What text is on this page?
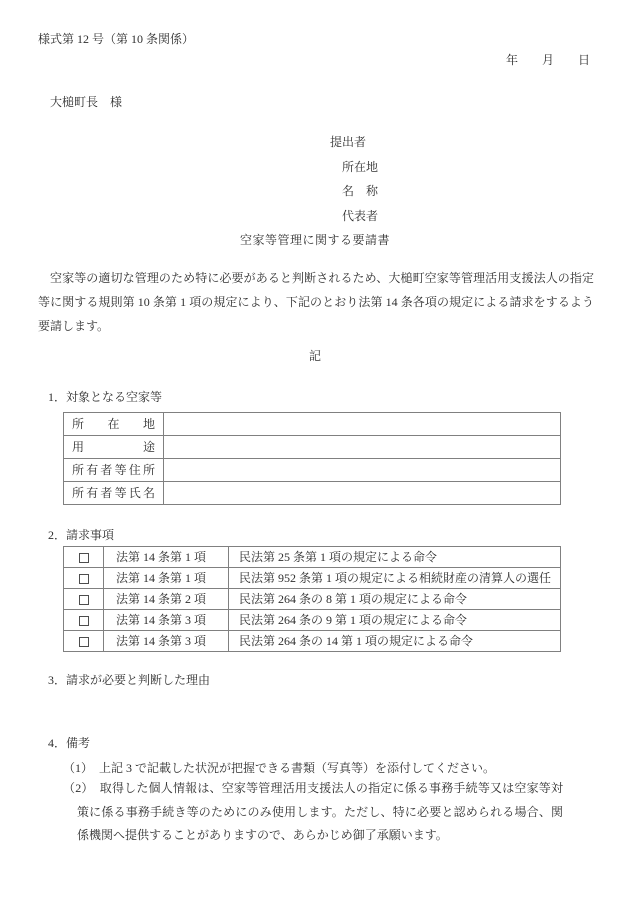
様式第 12 号（第 10 条関係）
年　　月　　日
大槌町長　様
提出者
所在地
名　称
代表者
空家等管理に関する要請書
空家等の適切な管理のため特に必要があると判断されるため、大槌町空家等管理活用支援法人の指定等に関する規則第 10 条第 1 項の規定により、下記のとおり法第 14 条各項の規定による請求をするよう要請します。
記
1．対象となる空家等
所在地	
用途	
所有者等住所	
所有者等氏名	
2．請求事項
	法第 14 条第 1 項	民法第 25 条第 1 項の規定による命令
	法第 14 条第 1 項	民法第 952 条第 1 項の規定による相続財産の清算人の選任
	法第 14 条第 2 項	民法第 264 条の 8 第 1 項の規定による命令
	法第 14 条第 3 項	民法第 264 条の 9 第 1 項の規定による命令
	法第 14 条第 3 項	民法第 264 条の 14 第 1 項の規定による命令
3．請求が必要と判断した理由
4．備考
（1）　上記 3 で記載した状況が把握できる書類（写真等）を添付してください。
（2）　取得した個人情報は、空家等管理活用支援法人の指定に係る事務手続等又は空家等対策に係る事務手続き等のためにのみ使用します。ただし、特に必要と認められる場合、関係機関へ提供することがありますので、あらかじめ御了承願います。
